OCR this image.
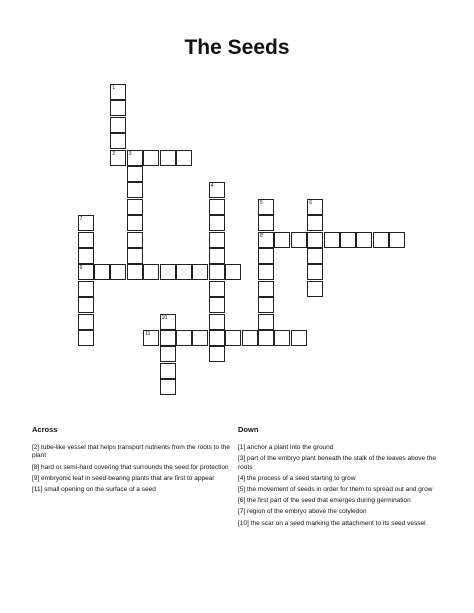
The Seeds
1
2	3
4
5
8
6
7
9
10
11
Across
[2] tube-like vessel that helps transport nutrients from the roots to the plant
[8] hard or semi-hard covering that surrounds the seed for protection
[9] embryonic leaf in seed-bearing plants that are first to appear
[11] small opening on the surface of a seed
Down
[1] anchor a plant into the ground
[3] part of the embryo plant beneath the stalk of the leaves above the roots
[4] the process of a seed starting to grow
[5] the movement of seeds in order for them to spread out and grow
[6] the first part of the seed that emerges during germination
[7] region of the embryo above the cotyledon
[10] the scar on a seed marking the attachment to its seed vessel
